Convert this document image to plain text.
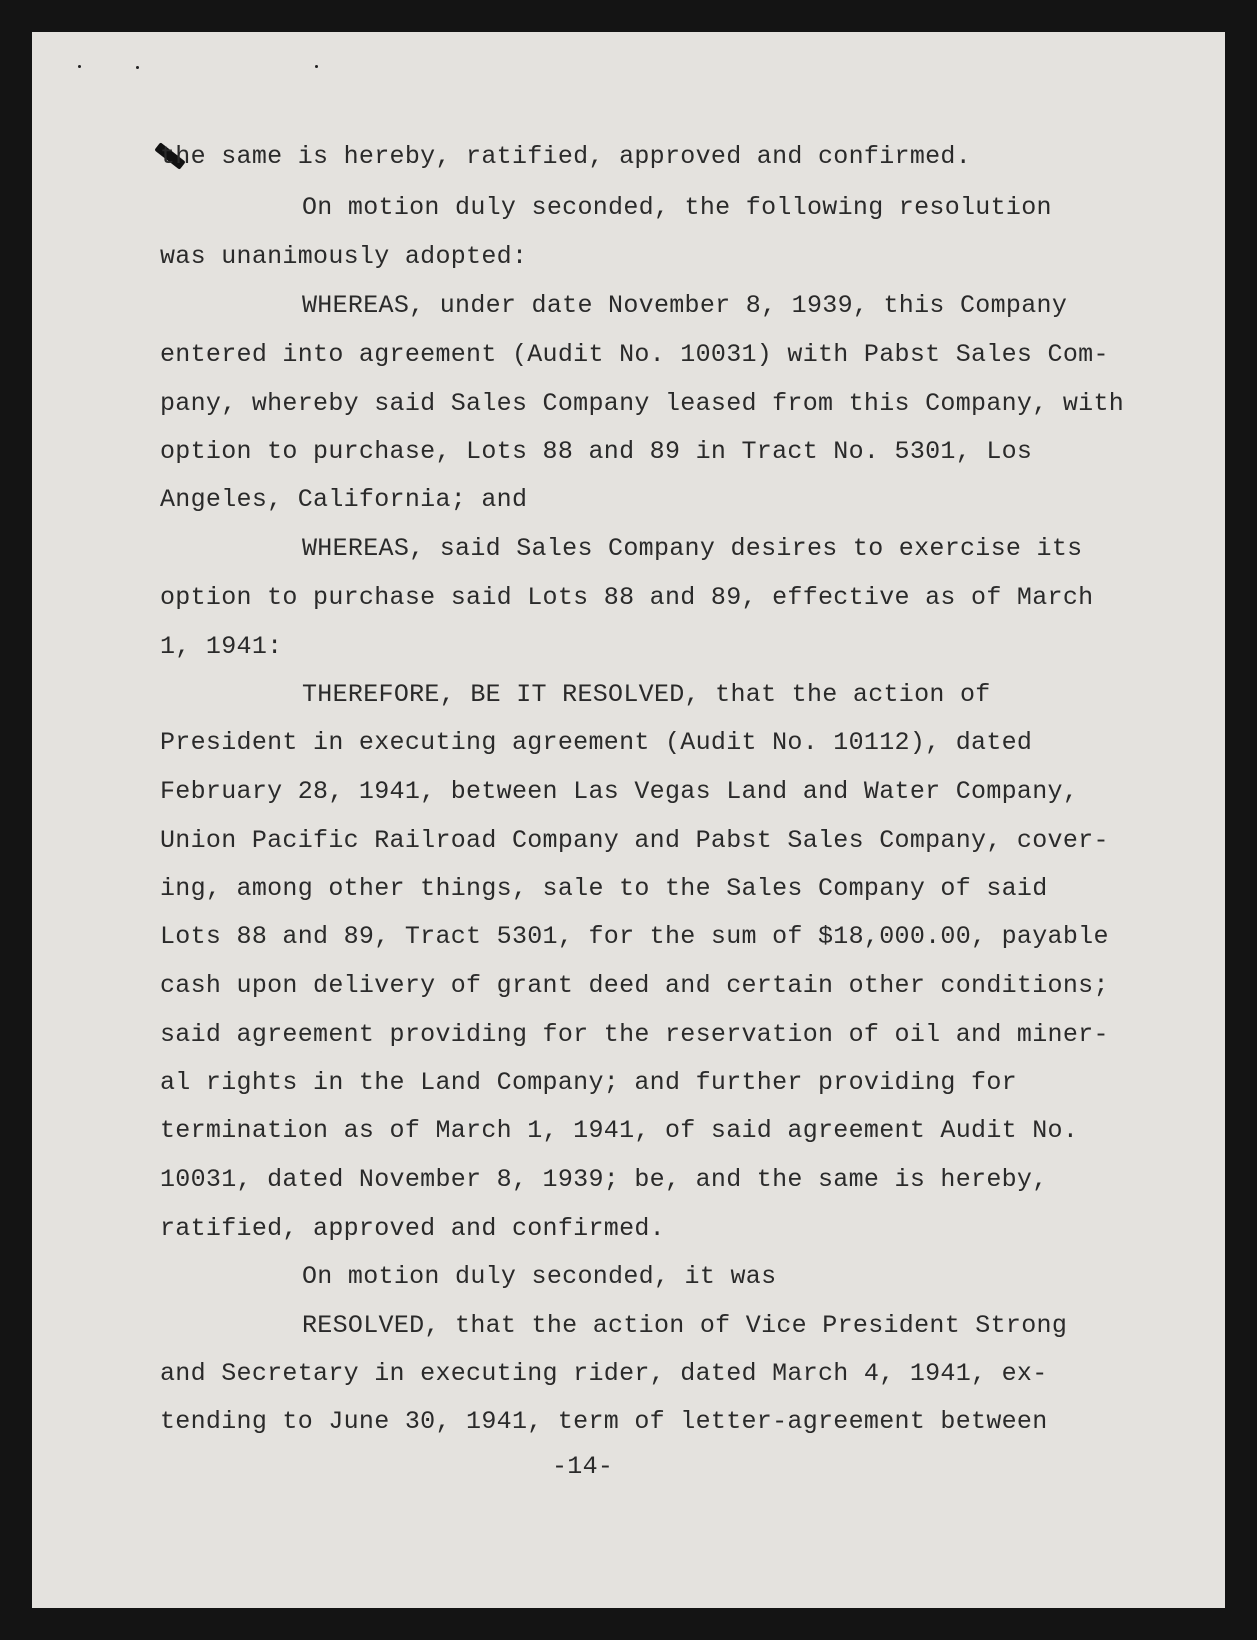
the same is hereby, ratified, approved and confirmed.
On motion duly seconded, the following resolution
was unanimously adopted:
WHEREAS, under date November 8, 1939, this Company
entered into agreement (Audit No. 10031) with Pabst Sales Com-
pany, whereby said Sales Company leased from this Company, with
option to purchase, Lots 88 and 89 in Tract No. 5301, Los
Angeles, California; and
WHEREAS, said Sales Company desires to exercise its
option to purchase said Lots 88 and 89, effective as of March
1, 1941:
THEREFORE, BE IT RESOLVED, that the action of
President in executing agreement (Audit No. 10112), dated
February 28, 1941, between Las Vegas Land and Water Company,
Union Pacific Railroad Company and Pabst Sales Company, cover-
ing, among other things, sale to the Sales Company of said
Lots 88 and 89, Tract 5301, for the sum of $18,000.00, payable
cash upon delivery of grant deed and certain other conditions;
said agreement providing for the reservation of oil and miner-
al rights in the Land Company; and further providing for
termination as of March 1, 1941, of said agreement Audit No.
10031, dated November 8, 1939; be, and the same is hereby,
ratified, approved and confirmed.
On motion duly seconded, it was
RESOLVED, that the action of Vice President Strong
and Secretary in executing rider, dated March 4, 1941, ex-
tending to June 30, 1941, term of letter-agreement between
-14-
